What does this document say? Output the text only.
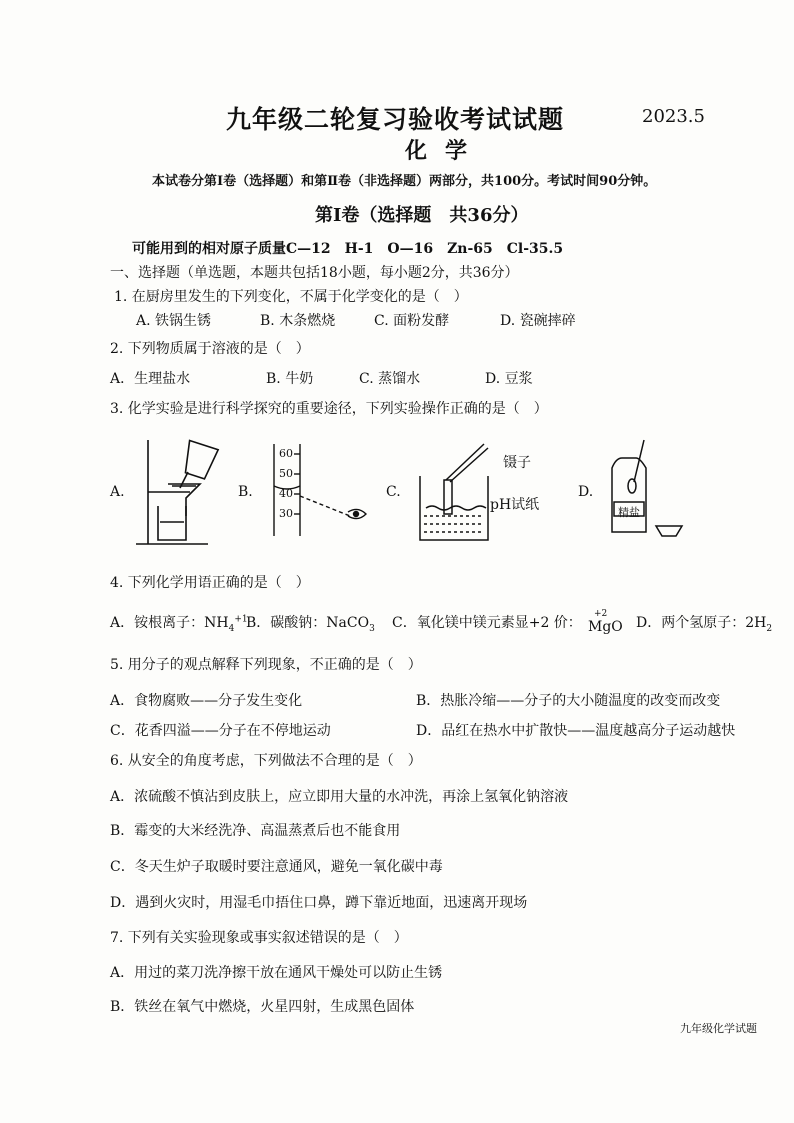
九年级二轮复习验收考试试题	2023.5
化学
本试卷分第Ⅰ卷（选择题）和第Ⅱ卷（非选择题）两部分，共100分。考试时间90分钟。
第Ⅰ卷（选择题　共36分）
可能用到的相对原子质量C—12　H-1　O—16　Zn-65　Cl-35.5
一、选择题（单选题，本题共包括18小题，每小题2分，共36分）
1. 在厨房里发生的下列变化，不属于化学变化的是（　）
A. 铁锅生锈	B. 木条燃烧	C. 面粉发酵	D. 瓷碗摔碎
2. 下列物质属于溶液的是（　）
A．生理盐水	B. 牛奶	C. 蒸馏水	D. 豆浆
3. 化学实验是进行科学探究的重要途径，下列实验操作正确的是（　）
A.	B.	C.	D.
60
50
40
30
镊子
pH试纸	精盐
4. 下列化学用语正确的是（　）
A．铵根离子：$NH_4^{+1}$
B．碳酸钠：NaCO$_3$ C．氧化镁中镁元素显+2 价：
+2
MgO D．两个氢原子：$2H_2$
5. 用分子的观点解释下列现象，不正确的是（　）
A．食物腐败——分子发生变化	B．热胀冷缩——分子的大小随温度的改变而改变
C．花香四溢——分子在不停地运动	D．品红在热水中扩散快——温度越高分子运动越快
6. 从安全的角度考虑，下列做法不合理的是（　）
A．浓硫酸不慎沾到皮肤上，应立即用大量的水冲洗，再涂上氢氧化钠溶液
B．霉变的大米经洗净、高温蒸煮后也不能食用
C．冬天生炉子取暖时要注意通风，避免一氧化碳中毒
D．遇到火灾时，用湿毛巾捂住口鼻，蹲下靠近地面，迅速离开现场
7. 下列有关实验现象或事实叙述错误的是（　）
A．用过的菜刀洗净擦干放在通风干燥处可以防止生锈
B．铁丝在氧气中燃烧，火星四射，生成黑色固体
九年级化学试题
